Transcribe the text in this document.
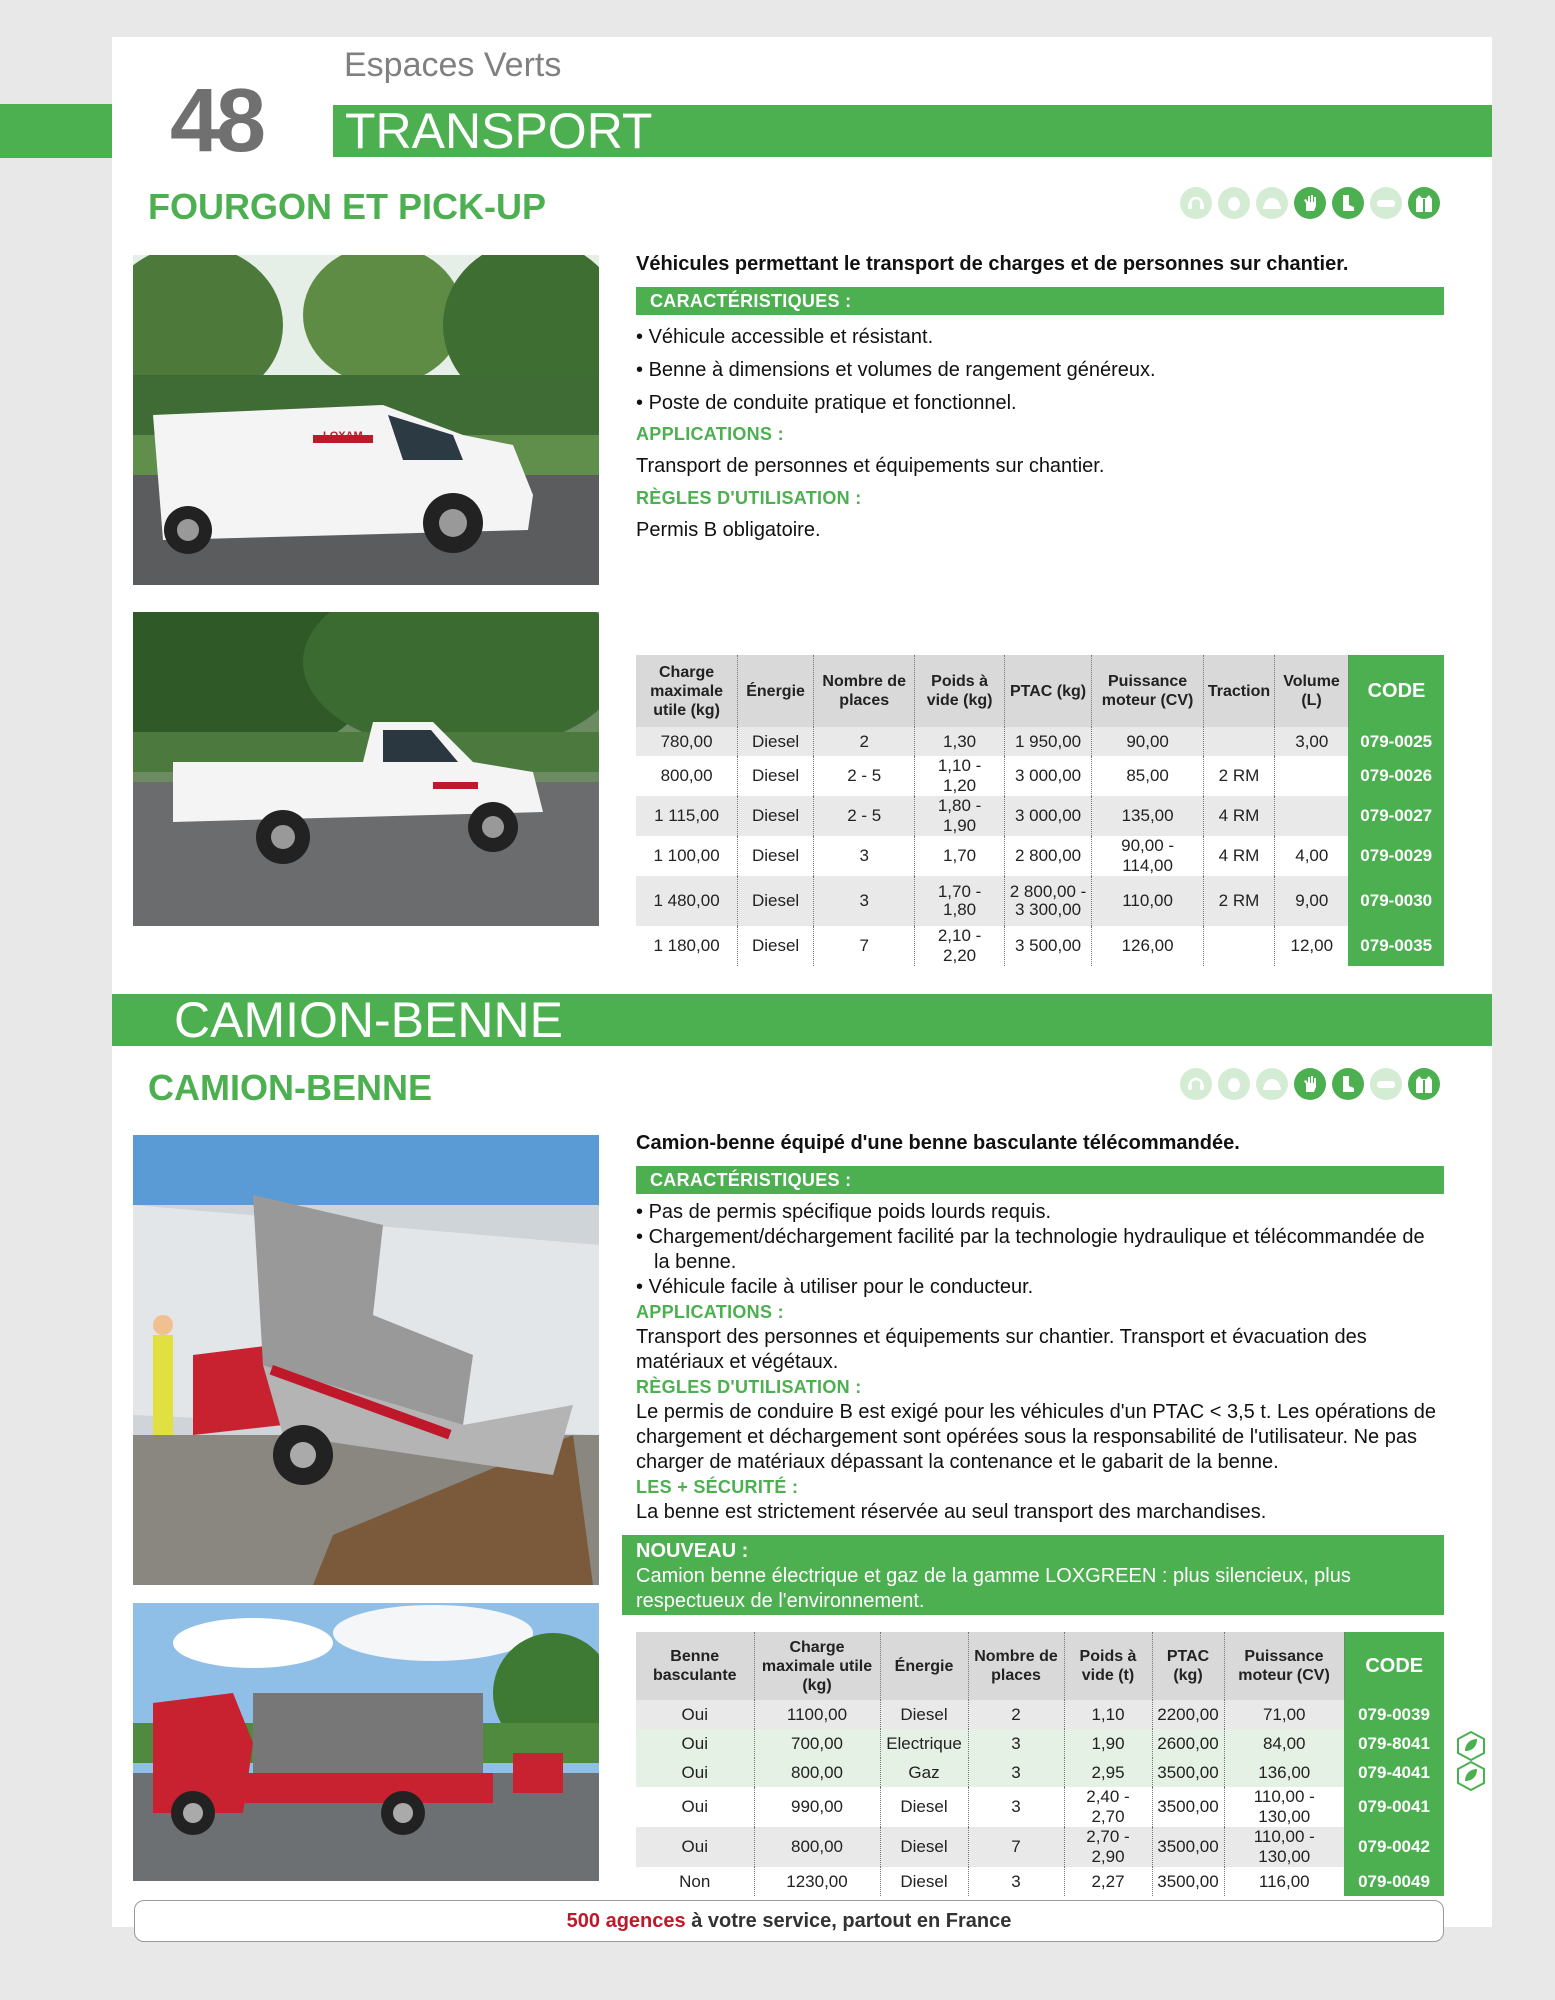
Espaces Verts
48 TRANSPORT
FOURGON ET PICK-UP
LOXAM
Véhicules permettant le transport de charges et de personnes sur chantier.
CARACTÉRISTIQUES :
• Véhicule accessible et résistant.
• Benne à dimensions et volumes de rangement généreux.
• Poste de conduite pratique et fonctionnel.
APPLICATIONS :
Transport de personnes et équipements sur chantier.
RÈGLES D'UTILISATION :
Permis B obligatoire.
Charge maximale utile (kg)	Énergie	Nombre de places	Poids à vide (kg)	PTAC (kg)	Puissance moteur (CV)	Traction	Volume (L)	CODE
780,00	Diesel	2	1,30	1 950,00	90,00		3,00	079-0025
800,00	Diesel	2 - 5	1,10 - 1,20	3 000,00	85,00	2 RM		079-0026
1 115,00	Diesel	2 - 5	1,80 - 1,90	3 000,00	135,00	4 RM		079-0027
1 100,00	Diesel	3	1,70	2 800,00	90,00 - 114,00	4 RM	4,00	079-0029
1 480,00	Diesel	3	1,70 - 1,80	2 800,00 - 3 300,00	110,00	2 RM	9,00	079-0030
1 180,00	Diesel	7	2,10 - 2,20	3 500,00	126,00		12,00	079-0035
CAMION-BENNE
CAMION-BENNE
Camion-benne équipé d'une benne basculante télécommandée.
CARACTÉRISTIQUES :
• Pas de permis spécifique poids lourds requis.
• Chargement/déchargement facilité par la technologie hydraulique et télécommandée de la benne.
• Véhicule facile à utiliser pour le conducteur.
APPLICATIONS :
Transport des personnes et équipements sur chantier. Transport et évacuation des matériaux et végétaux.
RÈGLES D'UTILISATION :
Le permis de conduire B est exigé pour les véhicules d'un PTAC < 3,5 t. Les opérations de chargement et déchargement sont opérées sous la responsabilité de l'utilisateur. Ne pas charger de matériaux dépassant la contenance et le gabarit de la benne.
LES + SÉCURITÉ :
La benne est strictement réservée au seul transport des marchandises.
NOUVEAU :
Camion benne électrique et gaz de la gamme LOXGREEN : plus silencieux, plus respectueux de l'environnement.
Benne basculante	Charge maximale utile (kg)	Énergie	Nombre de places	Poids à vide (t)	PTAC (kg)	Puissance moteur (CV)	CODE
Oui	1100,00	Diesel	2	1,10	2200,00	71,00	079-0039
Oui	700,00	Electrique	3	1,90	2600,00	84,00	079-8041
Oui	800,00	Gaz	3	2,95	3500,00	136,00	079-4041
Oui	990,00	Diesel	3	2,40 - 2,70	3500,00	110,00 - 130,00	079-0041
Oui	800,00	Diesel	7	2,70 - 2,90	3500,00	110,00 - 130,00	079-0042
Non	1230,00	Diesel	3	2,27	3500,00	116,00	079-0049
500 agences à votre service, partout en France
